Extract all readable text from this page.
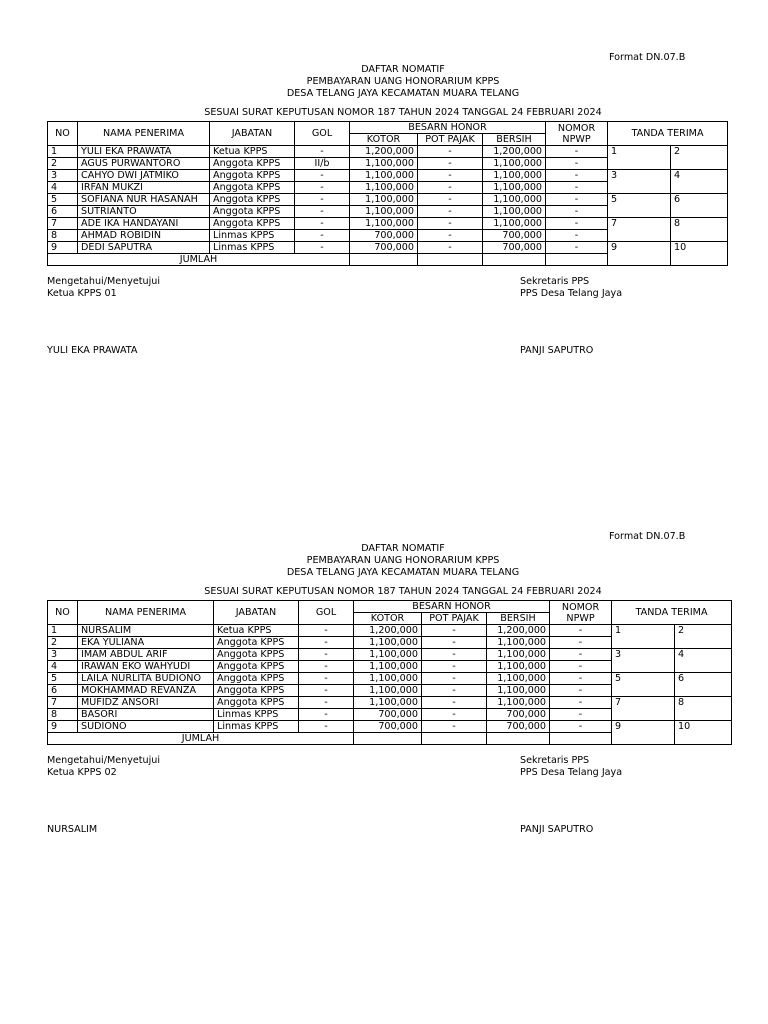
Format DN.07.B
DAFTAR NOMATIF
PEMBAYARAN UANG HONORARIUM KPPS
DESA TELANG JAYA KECAMATAN MUARA TELANG
SESUAI SURAT KEPUTUSAN NOMOR 187 TAHUN 2024 TANGGAL 24 FEBRUARI 2024
NO	NAMA PENERIMA	JABATAN	GOL	BESARN HONOR			NOMOR NPWP	TANDA TERIMA	
				KOTOR	POT PAJAK	BERSIH			
1	YULI EKA PRAWATA	Ketua KPPS	-	1,200,000	-	1,200,000	-	1	2
2	AGUS PURWANTORO	Anggota KPPS	II/b	1,100,000	-	1,100,000	-		
3	CAHYO DWI JATMIKO	Anggota KPPS	-	1,100,000	-	1,100,000	-	3	4
4	IRFAN MUKZI	Anggota KPPS	-	1,100,000	-	1,100,000	-		
5	SOFIANA NUR HASANAH	Anggota KPPS	-	1,100,000	-	1,100,000	-	5	6
6	SUTRIANTO	Anggota KPPS	-	1,100,000	-	1,100,000	-		
7	ADE IKA HANDAYANI	Anggota KPPS	-	1,100,000	-	1,100,000	-	7	8
8	AHMAD ROBIDIN	Linmas KPPS	-	700,000	-	700,000	-		
9	DEDI SAPUTRA	Linmas KPPS	-	700,000	-	700,000	-	9	10
JUMLAH									
Mengetahui/Menyetujui
Ketua KPPS 01
YULI EKA PRAWATA
Sekretaris PPS
PPS Desa Telang Jaya
PANJI SAPUTRO
Format DN.07.B
DAFTAR NOMATIF
PEMBAYARAN UANG HONORARIUM KPPS
DESA TELANG JAYA KECAMATAN MUARA TELANG
SESUAI SURAT KEPUTUSAN NOMOR 187 TAHUN 2024 TANGGAL 24 FEBRUARI 2024
NO	NAMA PENERIMA	JABATAN	GOL	BESARN HONOR			NOMOR NPWP	TANDA TERIMA	
				KOTOR	POT PAJAK	BERSIH			
1	NURSALIM	Ketua KPPS	-	1,200,000	-	1,200,000	-	1	2
2	EKA YULIANA	Anggota KPPS	-	1,100,000	-	1,100,000	-		
3	IMAM ABDUL ARIF	Anggota KPPS	-	1,100,000	-	1,100,000	-	3	4
4	IRAWAN EKO WAHYUDI	Anggota KPPS	-	1,100,000	-	1,100,000	-		
5	LAILA NURLITA BUDIONO	Anggota KPPS	-	1,100,000	-	1,100,000	-	5	6
6	MOKHAMMAD REVANZA	Anggota KPPS	-	1,100,000	-	1,100,000	-		
7	MUFIDZ ANSORI	Anggota KPPS	-	1,100,000	-	1,100,000	-	7	8
8	BASORI	Linmas KPPS	-	700,000	-	700,000	-		
9	SUDIONO	Linmas KPPS	-	700,000	-	700,000	-	9	10
JUMLAH									
Mengetahui/Menyetujui
Ketua KPPS 02
NURSALIM
Sekretaris PPS
PPS Desa Telang Jaya
PANJI SAPUTRO
